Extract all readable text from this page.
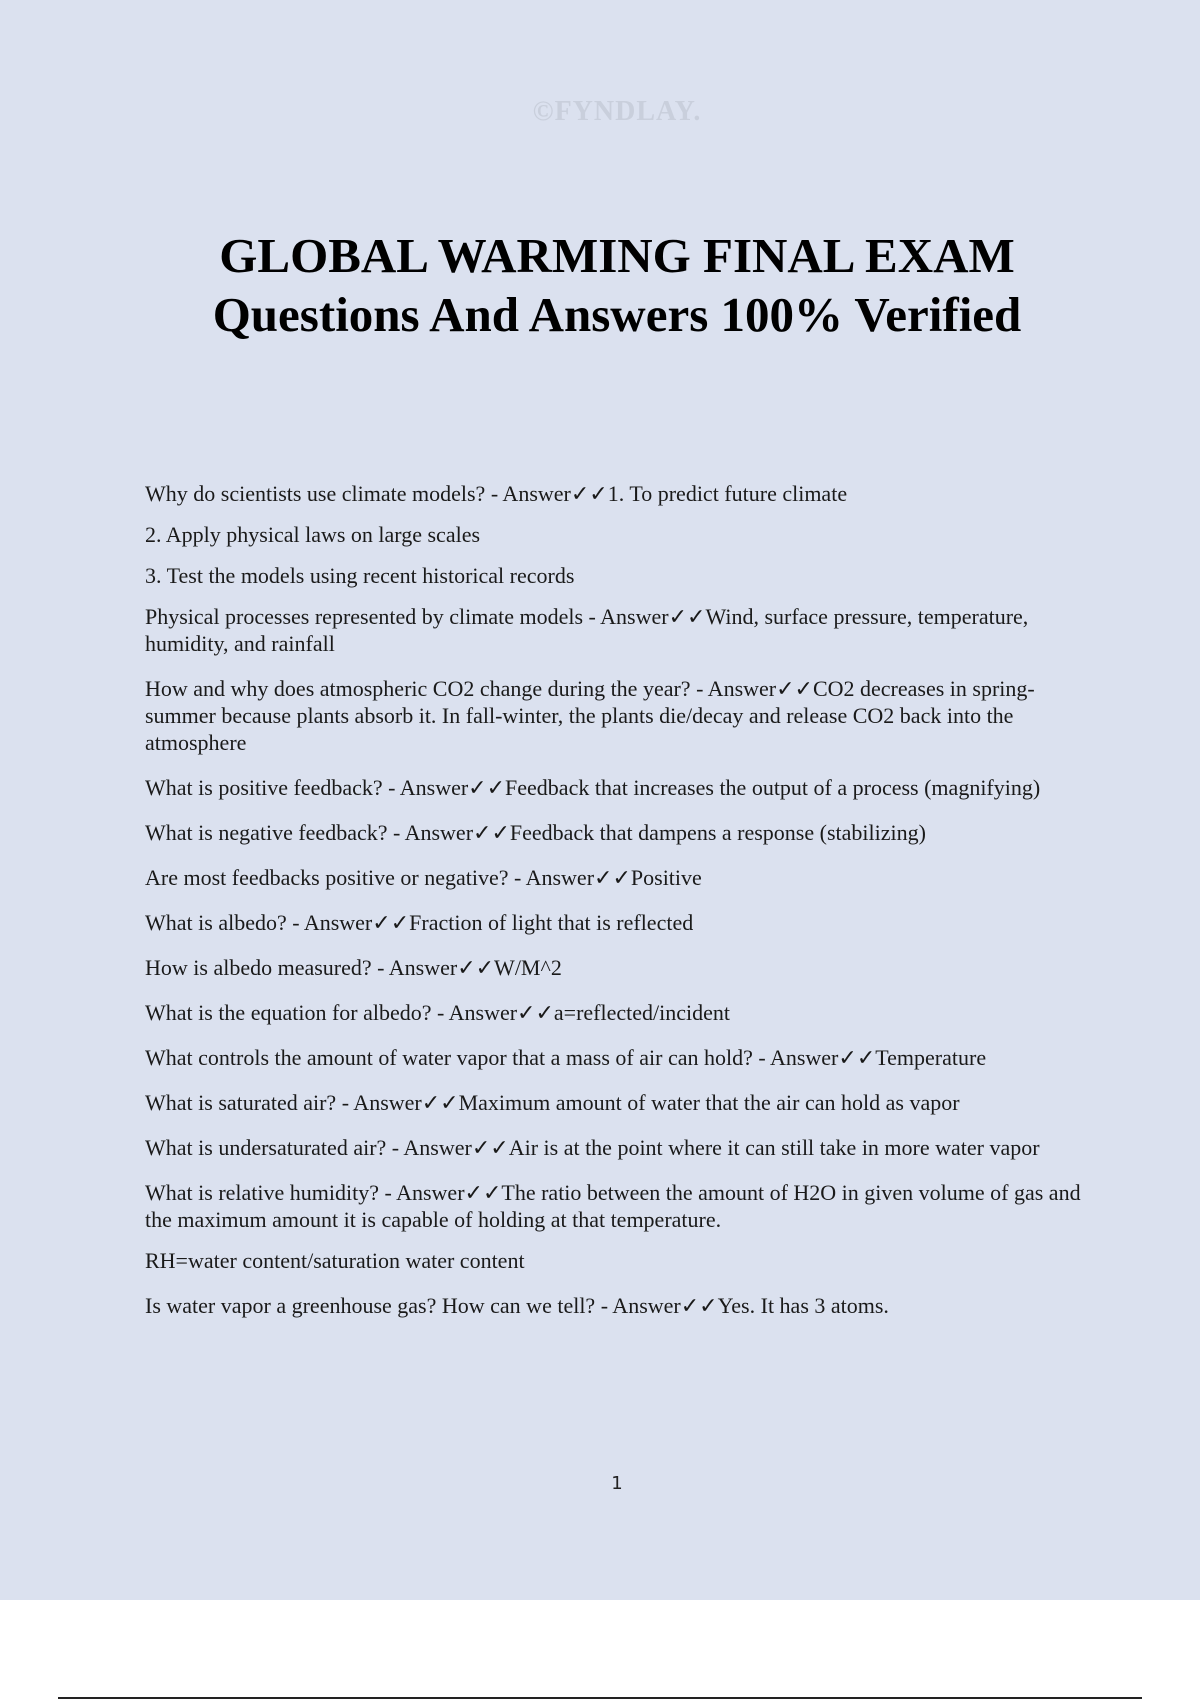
©FYNDLAY.
GLOBAL WARMING FINAL EXAM
Questions And Answers 100% Verified

Why do scientists use climate models? - Answer✓✓1. To predict future climate

2. Apply physical laws on large scales

3. Test the models using recent historical records

Physical processes represented by climate models - Answer✓✓Wind, surface pressure, temperature, humidity, and rainfall

How and why does atmospheric CO2 change during the year? - Answer✓✓CO2 decreases in spring-summer because plants absorb it. In fall-winter, the plants die/decay and release CO2 back into the atmosphere

What is positive feedback? - Answer✓✓Feedback that increases the output of a process (magnifying)

What is negative feedback? - Answer✓✓Feedback that dampens a response (stabilizing)

Are most feedbacks positive or negative? - Answer✓✓Positive

What is albedo? - Answer✓✓Fraction of light that is reflected

How is albedo measured? - Answer✓✓W/M^2

What is the equation for albedo? - Answer✓✓a=reflected/incident

What controls the amount of water vapor that a mass of air can hold? - Answer✓✓Temperature

What is saturated air? - Answer✓✓Maximum amount of water that the air can hold as vapor

What is undersaturated air? - Answer✓✓Air is at the point where it can still take in more water vapor

What is relative humidity? - Answer✓✓The ratio between the amount of H2O in given volume of gas and the maximum amount it is capable of holding at that temperature.

RH=water content/saturation water content

Is water vapor a greenhouse gas? How can we tell? - Answer✓✓Yes. It has 3 atoms.

1
